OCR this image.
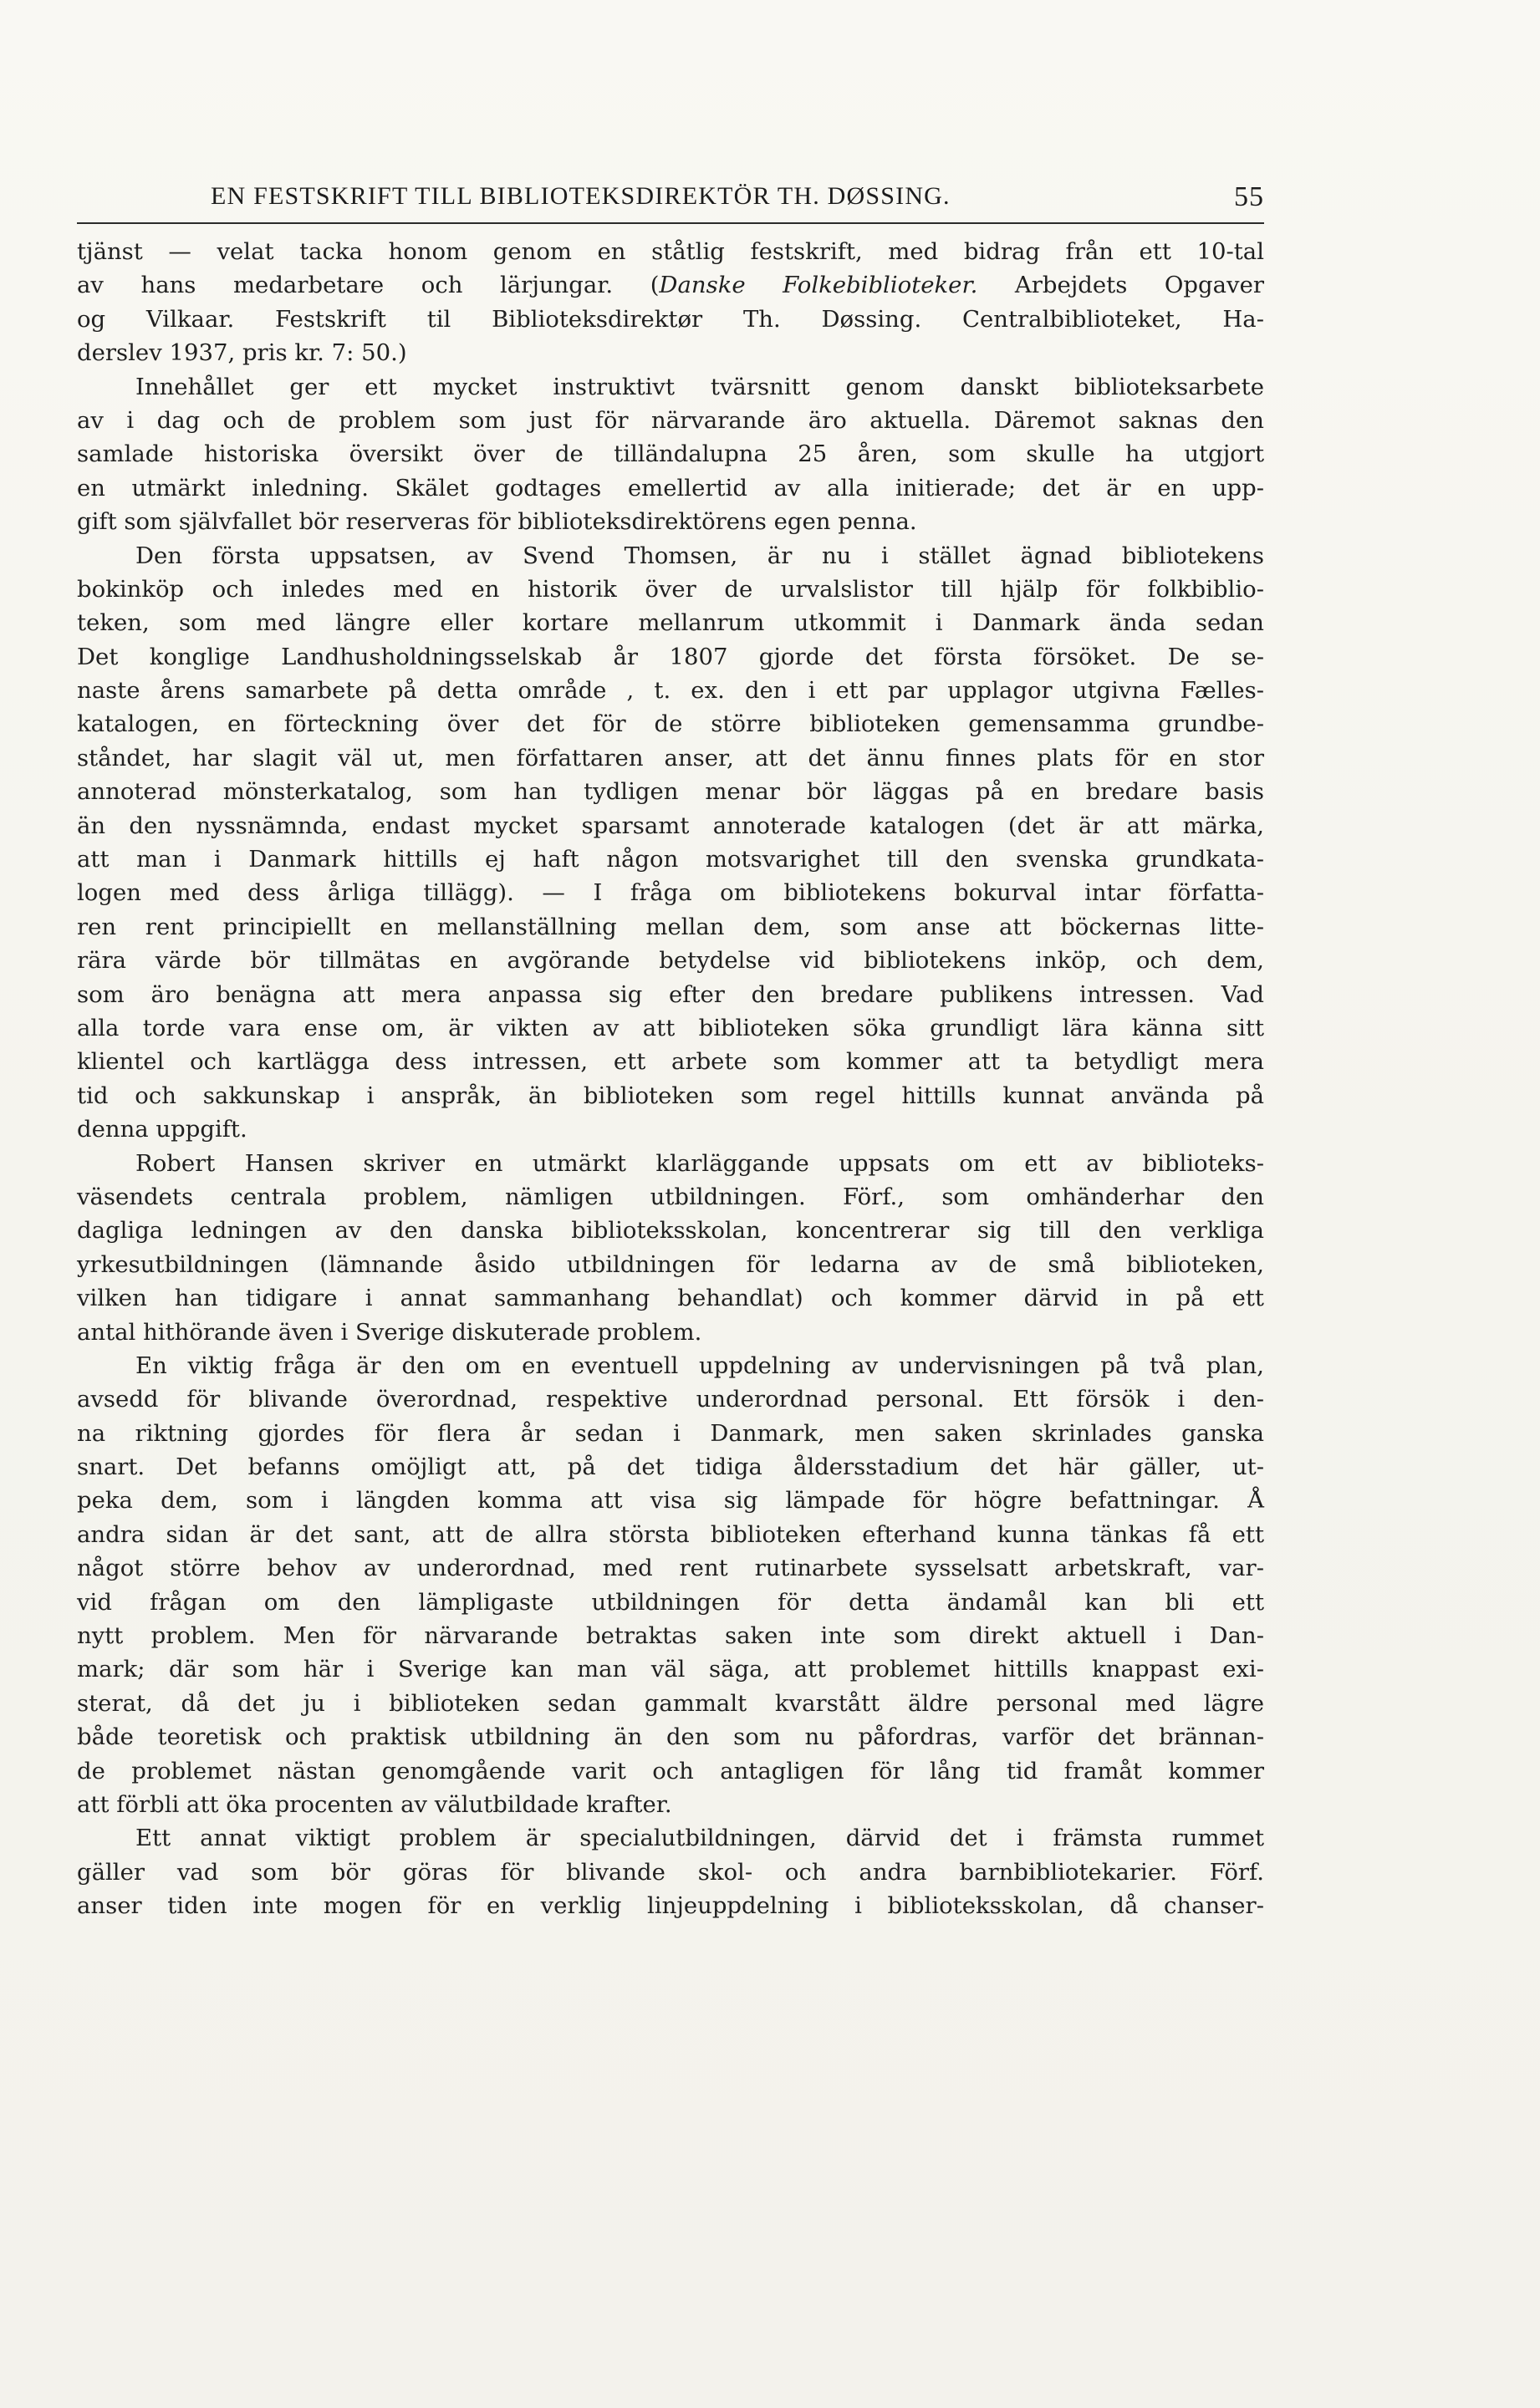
EN FESTSKRIFT TILL BIBLIOTEKSDIREKTÖR TH. DØSSING.	55
tjänst — velat tacka honom genom en ståtlig festskrift, med bidrag från ett 10-tal
av hans medarbetare och lärjungar. (Danske Folkebiblioteker. Arbejdets Opgaver
og Vilkaar. Festskrift til Biblioteksdirektør Th. Døssing. Centralbiblioteket, Ha-
derslev 1937, pris kr. 7: 50.)
Innehållet ger ett mycket instruktivt tvärsnitt genom danskt biblioteksarbete
av i dag och de problem som just för närvarande äro aktuella. Däremot saknas den
samlade historiska översikt över de tilländalupna 25 åren, som skulle ha utgjort
en utmärkt inledning. Skälet godtages emellertid av alla initierade; det är en upp-
gift som självfallet bör reserveras för biblioteksdirektörens egen penna.
Den första uppsatsen, av Svend Thomsen, är nu i stället ägnad bibliotekens
bokinköp och inledes med en historik över de urvalslistor till hjälp för folkbiblio-
teken, som med längre eller kortare mellanrum utkommit i Danmark ända sedan
Det konglige Landhusholdningsselskab år 1807 gjorde det första försöket. De se-
naste årens samarbete på detta område , t. ex. den i ett par upplagor utgivna Fælles-
katalogen, en förteckning över det för de större biblioteken gemensamma grundbe-
ståndet, har slagit väl ut, men författaren anser, att det ännu finnes plats för en stor
annoterad mönsterkatalog, som han tydligen menar bör läggas på en bredare basis
än den nyssnämnda, endast mycket sparsamt annoterade katalogen (det är att märka,
att man i Danmark hittills ej haft någon motsvarighet till den svenska grundkata-
logen med dess årliga tillägg). — I fråga om bibliotekens bokurval intar författa-
ren rent principiellt en mellanställning mellan dem, som anse att böckernas litte-
rära värde bör tillmätas en avgörande betydelse vid bibliotekens inköp, och dem,
som äro benägna att mera anpassa sig efter den bredare publikens intressen. Vad
alla torde vara ense om, är vikten av att biblioteken söka grundligt lära känna sitt
klientel och kartlägga dess intressen, ett arbete som kommer att ta betydligt mera
tid och sakkunskap i anspråk, än biblioteken som regel hittills kunnat använda på
denna uppgift.
Robert Hansen skriver en utmärkt klarläggande uppsats om ett av biblioteks-
väsendets centrala problem, nämligen utbildningen. Förf., som omhänderhar den
dagliga ledningen av den danska biblioteksskolan, koncentrerar sig till den verkliga
yrkesutbildningen (lämnande åsido utbildningen för ledarna av de små biblioteken,
vilken han tidigare i annat sammanhang behandlat) och kommer därvid in på ett
antal hithörande även i Sverige diskuterade problem.
En viktig fråga är den om en eventuell uppdelning av undervisningen på två plan,
avsedd för blivande överordnad, respektive underordnad personal. Ett försök i den-
na riktning gjordes för flera år sedan i Danmark, men saken skrinlades ganska
snart. Det befanns omöjligt att, på det tidiga åldersstadium det här gäller, ut-
peka dem, som i längden komma att visa sig lämpade för högre befattningar. Å
andra sidan är det sant, att de allra största biblioteken efterhand kunna tänkas få ett
något större behov av underordnad, med rent rutinarbete sysselsatt arbetskraft, var-
vid frågan om den lämpligaste utbildningen för detta ändamål kan bli ett
nytt problem. Men för närvarande betraktas saken inte som direkt aktuell i Dan-
mark; där som här i Sverige kan man väl säga, att problemet hittills knappast exi-
sterat, då det ju i biblioteken sedan gammalt kvarstått äldre personal med lägre
både teoretisk och praktisk utbildning än den som nu påfordras, varför det brännan-
de problemet nästan genomgående varit och antagligen för lång tid framåt kommer
att förbli att öka procenten av välutbildade krafter.
Ett annat viktigt problem är specialutbildningen, därvid det i främsta rummet
gäller vad som bör göras för blivande skol- och andra barnbibliotekarier. Förf.
anser tiden inte mogen för en verklig linjeuppdelning i biblioteksskolan, då chanser-
